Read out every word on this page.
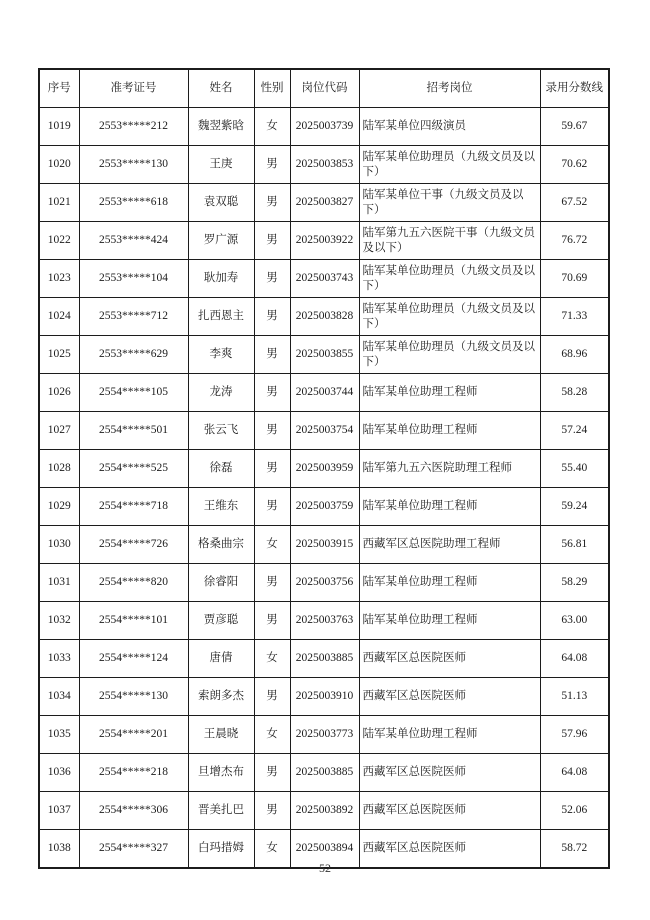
序号	准考证号	姓名	性别	岗位代码	招考岗位	录用分数线
1019	2553*****212	魏翌紫晗	女	2025003739	陆军某单位四级演员	59.67
1020	2553*****130	王庚	男	2025003853	陆军某单位助理员（九级文员及以下）	70.62
1021	2553*****618	袁双聪	男	2025003827	陆军某单位干事（九级文员及以下）	67.52
1022	2553*****424	罗广源	男	2025003922	陆军第九五六医院干事（九级文员及以下）	76.72
1023	2553*****104	耿加寿	男	2025003743	陆军某单位助理员（九级文员及以下）	70.69
1024	2553*****712	扎西恩主	男	2025003828	陆军某单位助理员（九级文员及以下）	71.33
1025	2553*****629	李爽	男	2025003855	陆军某单位助理员（九级文员及以下）	68.96
1026	2554*****105	龙涛	男	2025003744	陆军某单位助理工程师	58.28
1027	2554*****501	张云飞	男	2025003754	陆军某单位助理工程师	57.24
1028	2554*****525	徐磊	男	2025003959	陆军第九五六医院助理工程师	55.40
1029	2554*****718	王维东	男	2025003759	陆军某单位助理工程师	59.24
1030	2554*****726	格桑曲宗	女	2025003915	西藏军区总医院助理工程师	56.81
1031	2554*****820	徐睿阳	男	2025003756	陆军某单位助理工程师	58.29
1032	2554*****101	贾彦聪	男	2025003763	陆军某单位助理工程师	63.00
1033	2554*****124	唐倩	女	2025003885	西藏军区总医院医师	64.08
1034	2554*****130	索朗多杰	男	2025003910	西藏军区总医院医师	51.13
1035	2554*****201	王晨晓	女	2025003773	陆军某单位助理工程师	57.96
1036	2554*****218	旦增杰布	男	2025003885	西藏军区总医院医师	64.08
1037	2554*****306	晋美扎巴	男	2025003892	西藏军区总医院医师	52.06
1038	2554*****327	白玛措姆	女	2025003894	西藏军区总医院医师	58.72
52
